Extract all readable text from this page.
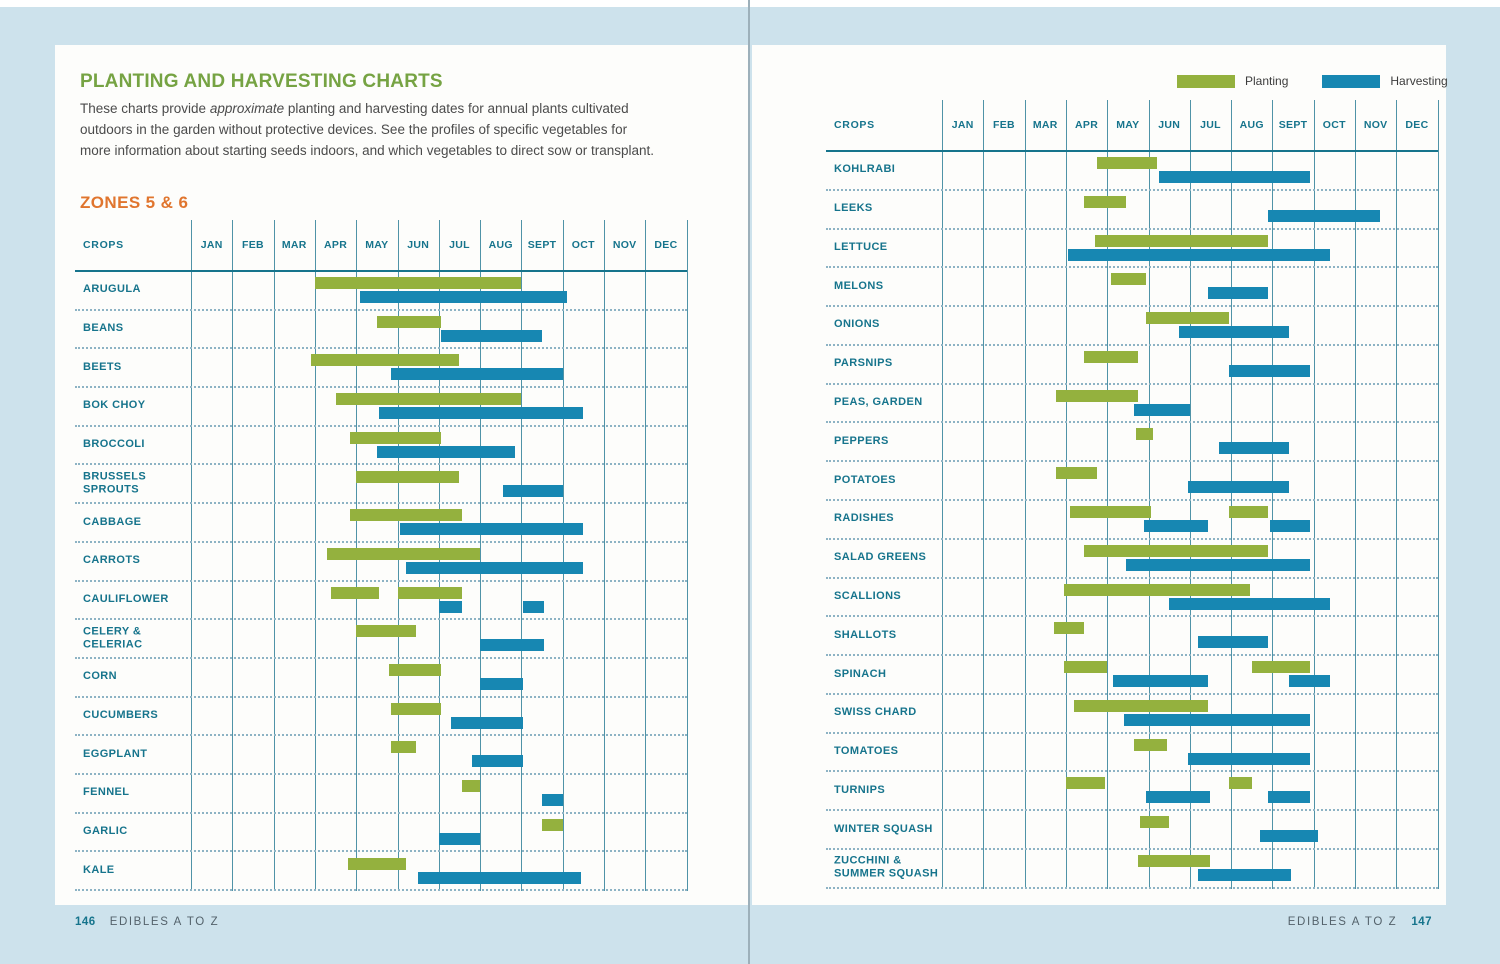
PLANTING AND HARVESTING CHARTS
These charts provide approximate planting and harvesting dates for annual plants cultivated outdoors in the garden without protective devices. See the profiles of specific vegetables for more information about starting seeds indoors, and which vegetables to direct sow or transplant.
ZONES 5 & 6
CROPS	JAN FEB MAR APR MAY JUN JUL AUG SEPT OCT NOV DEC
ARUGULA
BEANS
BEETS
BOK CHOY
BROCCOLI
BRUSSELS SPROUTS
CABBAGE
CARROTS
CAULIFLOWER
CELERY & CELERIAC
CORN
CUCUMBERS
EGGPLANT
FENNEL
GARLIC
KALE
Planting	Harvesting
CROPS	JAN FEB MAR APR MAY JUN JUL AUG SEPT OCT NOV DEC
KOHLRABI
LEEKS
LETTUCE
MELONS
ONIONS
PARSNIPS
PEAS, GARDEN
PEPPERS
POTATOES
RADISHES
SALAD GREENS
SCALLIONS
SHALLOTS
SPINACH
SWISS CHARD
TOMATOES
TURNIPS
WINTER SQUASH
ZUCCHINI & SUMMER SQUASH
146 EDIBLES A TO Z	EDIBLES A TO Z 147
